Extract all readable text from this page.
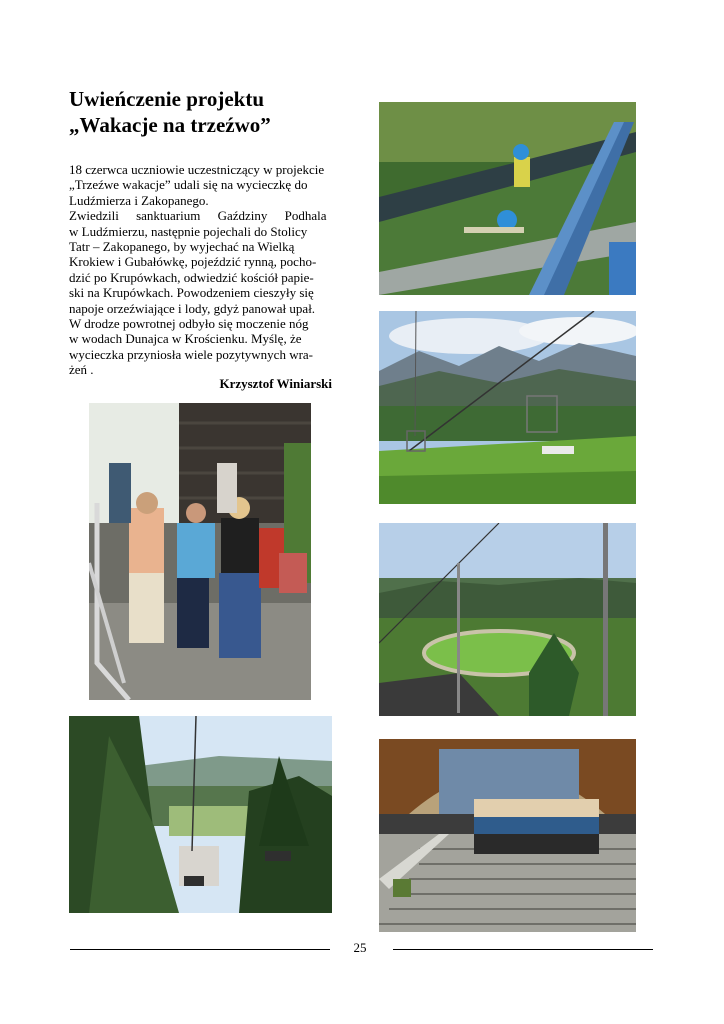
Uwieńczenie projektu
„Wakacje na trzeźwo”

18 czerwca uczniowie uczestniczący w projekcie

„Trzeźwe wakacje” udali się na wycieczkę do

Ludźmierza i Zakopanego.

Zwiedzili sanktuarium Gaździny Podhala

w Ludźmierzu, następnie pojechali do Stolicy

Tatr – Zakopanego, by wyjechać na Wielką

Krokiew i Gubałówkę, pojeździć rynną, pocho-

dzić po Krupówkach, odwiedzić kościół papie-

ski na Krupówkach. Powodzeniem cieszyły się

napoje orzeźwiające i lody, gdyż panował upał.

W drodze powrotnej odbyło się moczenie nóg

w wodach Dunajca w Krościenku. Myślę, że

wycieczka przyniosła wiele pozytywnych wra-

żeń .

Krzysztof Winiarski
25
